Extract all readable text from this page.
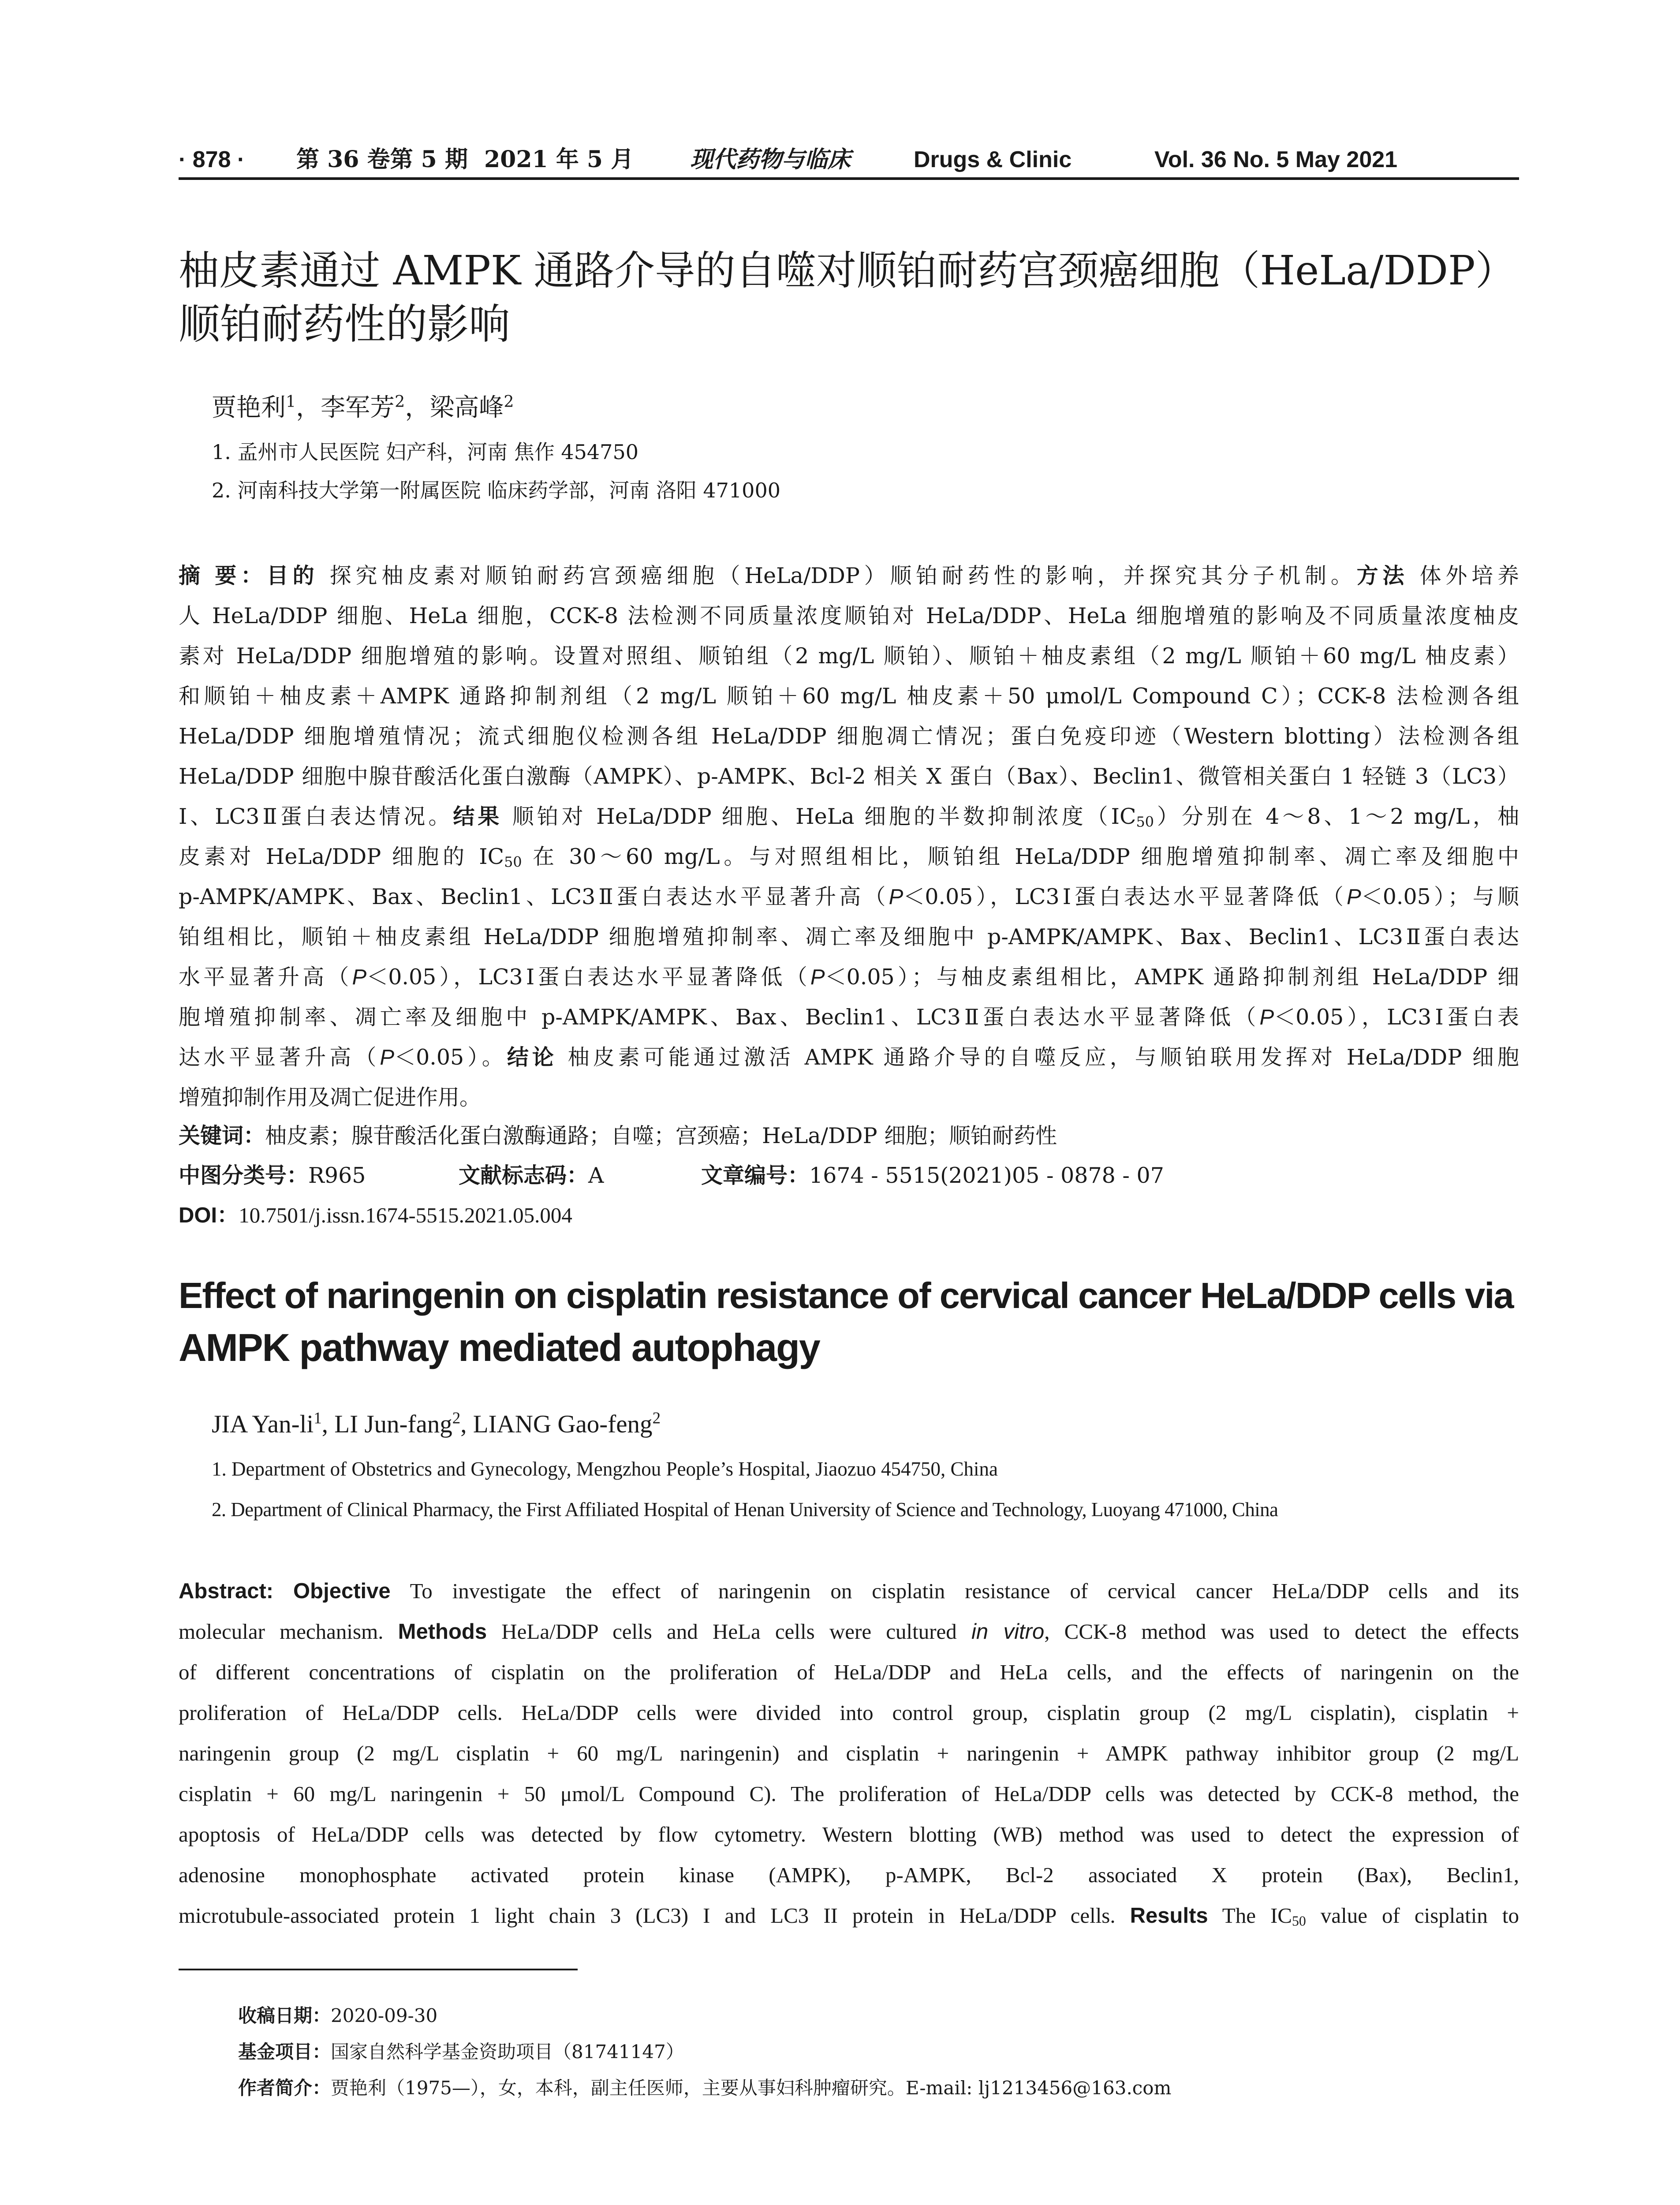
· 878 · 第 36 卷第 5 期 2021 年 5 月 现代药物与临床	Drugs & Clinic	Vol. 36 No. 5 May 2021
柚皮素通过 AMPK 通路介导的自噬对顺铂耐药宫颈癌细胞（HeLa/DDP）
顺铂耐药性的影响
贾艳利$^1$，李军芳$^2$，梁高峰$^2$
1. 孟州市人民医院 妇产科，河南 焦作 454750
2. 河南科技大学第一附属医院 临床药学部，河南 洛阳 471000
摘 要：目的 探究柚皮素对顺铂耐药宫颈癌细胞（HeLa/DDP）顺铂耐药性的影响，并探究其分子机制。方法 体外培养
人 HeLa/DDP 细胞、HeLa 细胞，CCK-8 法检测不同质量浓度顺铂对 HeLa/DDP、HeLa 细胞增殖的影响及不同质量浓度柚皮
素对 HeLa/DDP 细胞增殖的影响。设置对照组、顺铂组（2 mg/L 顺铂）、顺铂＋柚皮素组（2 mg/L 顺铂＋60 mg/L 柚皮素）
和顺铂＋柚皮素＋AMPK 通路抑制剂组（2 mg/L 顺铂＋60 mg/L 柚皮素＋50 μmol/L Compound C）；CCK-8 法检测各组
HeLa/DDP 细胞增殖情况；流式细胞仪检测各组 HeLa/DDP 细胞凋亡情况；蛋白免疫印迹（Western blotting）法检测各组
HeLa/DDP 细胞中腺苷酸活化蛋白激酶（AMPK）、p-AMPK、Bcl-2 相关 X 蛋白（Bax）、Beclin1、微管相关蛋白 1 轻链 3（LC3）
Ⅰ、LC3Ⅱ蛋白表达情况。结果 顺铂对 HeLa/DDP 细胞、HeLa 细胞的半数抑制浓度$(IC_{50})$分别在 4～8、1～2 mg/L，柚
皮素对 HeLa/DDP 细胞的 $IC_{50}$ 在 30～60 mg/L。与对照组相比，顺铂组 HeLa/DDP 细胞增殖抑制率、凋亡率及细胞中
p-AMPK/AMPK、Bax、Beclin1、LC3Ⅱ蛋白表达水平显著升高（P＜0.05），LC3Ⅰ蛋白表达水平显著降低（P＜0.05）；与顺
铂组相比，顺铂＋柚皮素组 HeLa/DDP 细胞增殖抑制率、凋亡率及细胞中 p-AMPK/AMPK、Bax、Beclin1、LC3Ⅱ蛋白表达
水平显著升高（P＜0.05），LC3Ⅰ蛋白表达水平显著降低（P＜0.05）；与柚皮素组相比，AMPK 通路抑制剂组 HeLa/DDP 细
胞增殖抑制率、凋亡率及细胞中 p-AMPK/AMPK、Bax、Beclin1、LC3Ⅱ蛋白表达水平显著降低（P＜0.05），LC3Ⅰ蛋白表
达水平显著升高（P＜0.05）。结论 柚皮素可能通过激活 AMPK 通路介导的自噬反应，与顺铂联用发挥对 HeLa/DDP 细胞
增殖抑制作用及凋亡促进作用。
关键词：柚皮素；腺苷酸活化蛋白激酶通路；自噬；宫颈癌；HeLa/DDP 细胞；顺铂耐药性
中图分类号：R965	文献标志码：A	文章编号：1674 - 5515(2021)05 - 0878 - 07
DOI：10.7501/j.issn.1674-5515.2021.05.004
Effect of naringenin on cisplatin resistance of cervical cancer HeLa/DDP cells via
AMPK pathway mediated autophagy
JIA Yan-$li^1$, LI Jun-fang$^2$, LIANG Gao-feng$^2$
1. Department of Obstetrics and Gynecology, Mengzhou People’s Hospital, Jiaozuo 454750, China
2. Department of Clinical Pharmacy, the First Affiliated Hospital of Henan University of Science and Technology, Luoyang 471000, China
Abstract: Objective To investigate the effect of naringenin on cisplatin resistance of cervical cancer HeLa/DDP cells and its
molecular mechanism. Methods HeLa/DDP cells and HeLa cells were cultured in vitro, CCK-8 method was used to detect the effects
of different concentrations of cisplatin on the proliferation of HeLa/DDP and HeLa cells, and the effects of naringenin on the
proliferation of HeLa/DDP cells. HeLa/DDP cells were divided into control group, cisplatin group (2 mg/L cisplatin), cisplatin +
naringenin group (2 mg/L cisplatin + 60 mg/L naringenin) and cisplatin + naringenin + AMPK pathway inhibitor group (2 mg/L
cisplatin + 60 mg/L naringenin + 50 μmol/L Compound C). The proliferation of HeLa/DDP cells was detected by CCK-8 method, the
apoptosis of HeLa/DDP cells was detected by flow cytometry. Western blotting (WB) method was used to detect the expression of
adenosine monophosphate activated protein kinase (AMPK), p-AMPK, Bcl-2 associated X protein (Bax), Beclin1,
microtubule-associated protein 1 light chain 3 (LC3) I and LC3 II protein in HeLa/DDP cells. Results The $IC_{50}$ value of cisplatin to
收稿日期：2020-09-30
基金项目：国家自然科学基金资助项目（81741147）
作者简介：贾艳利（1975—），女，本科，副主任医师，主要从事妇科肿瘤研究。E-mail: lj1213456@163.com
